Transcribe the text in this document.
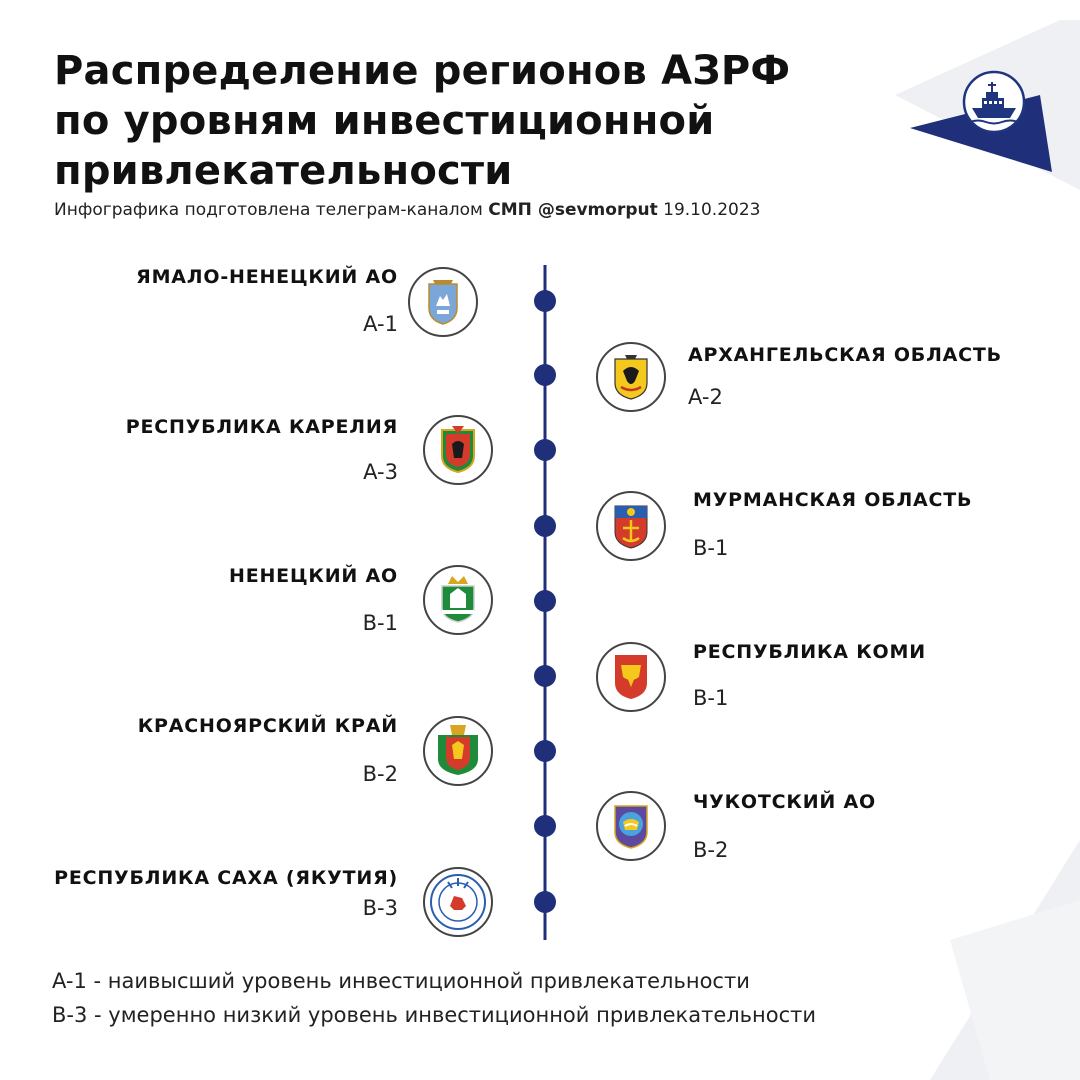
Распределение регионов АЗРФ
по уровням инвестиционной
привлекательности
Инфографика подготовлена телеграм-каналом СМП @sevmorput 19.10.2023
ЯМАЛО-НЕНЕЦКИЙ АО
A-1
АРХАНГЕЛЬСКАЯ ОБЛАСТЬ
A-2
РЕСПУБЛИКА КАРЕЛИЯ
A-3
МУРМАНСКАЯ ОБЛАСТЬ
B-1
НЕНЕЦКИЙ АО
B-1
РЕСПУБЛИКА КОМИ
B-1
КРАСНОЯРСКИЙ КРАЙ
B-2
ЧУКОТСКИЙ АО
B-2
РЕСПУБЛИКА САХА (ЯКУТИЯ)
B-3
A-1 - наивысший уровень инвестиционной привлекательности
B-3 - умеренно низкий уровень инвестиционной привлекательности
